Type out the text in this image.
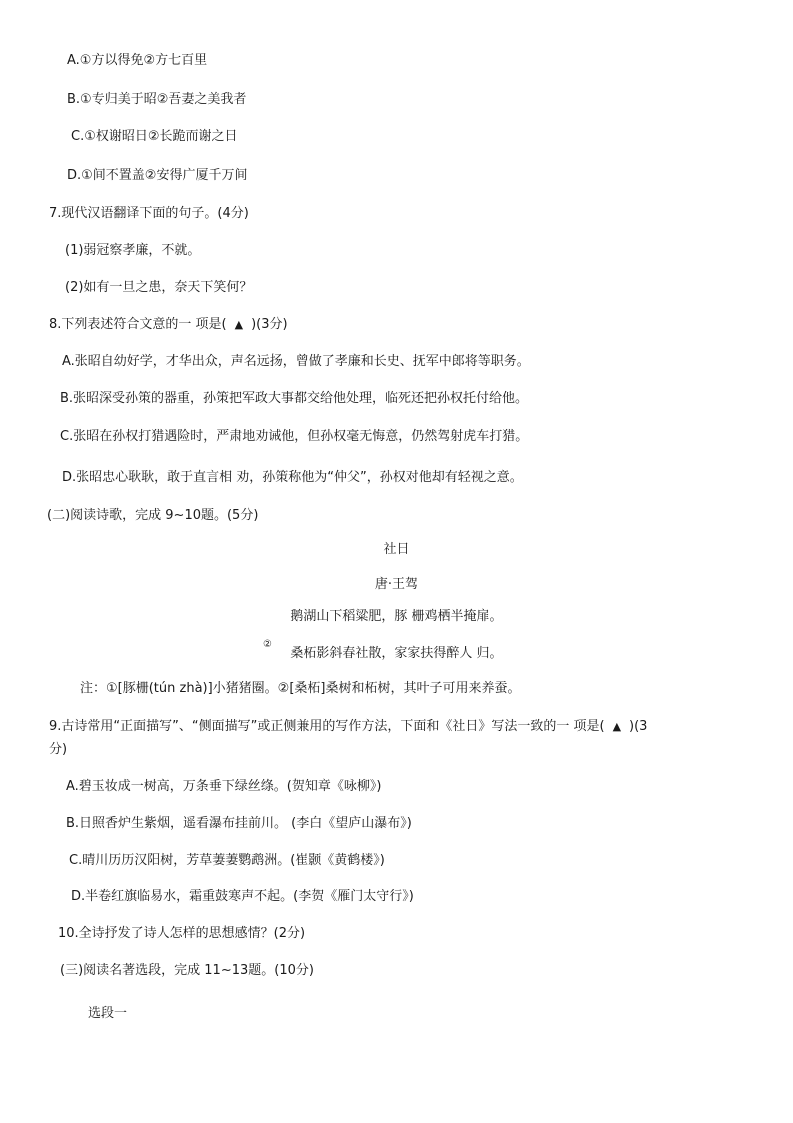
A.①方以得免②方七百里
B.①专归美于昭②吾妻之美我者
C.①权谢昭日②长跪而谢之日
D.①间不置盖②安得广厦千万间
7.现代汉语翻译下面的句子。(4分)
(1)弱冠察孝廉，不就。
(2)如有一旦之患，奈天下笑何？
8.下列表述符合文意的一 项是( ▲ )(3分)
A.张昭自幼好学，才华出众，声名远扬，曾做了孝廉和长史、抚军中郎将等职务。
B.张昭深受孙策的器重，孙策把军政大事都交给他处理，临死还把孙权托付给他。
C.张昭在孙权打猎遇险时，严肃地劝诫他，但孙权毫无悔意，仍然驾射虎车打猎。
D.张昭忠心耿耿，敢于直言相 劝，孙策称他为“仲父”，孙权对他却有轻视之意。
(二)阅读诗歌，完成 9~10题。(5分)
社日
唐·王驾
鹅湖山下稻粱肥，豚 栅鸡栖半掩扉。
②
桑柘影斜春社散，家家扶得醉人 归。
注：①[豚栅(tún zhà)]小猪猪圈。②[桑柘]桑树和柘树，其叶子可用来养蚕。
9.古诗常用“正面描写”、“侧面描写”或正侧兼用的写作方法，下面和《社日》写法一致的一 项是( ▲ )(3
分)
A.碧玉妆成一树高，万条垂下绿丝绦。(贺知章《咏柳》)
B.日照香炉生紫烟，遥看瀑布挂前川。 (李白《望庐山瀑布》)
C.晴川历历汉阳树，芳草萋萋鹦鹉洲。(崔颢《黄鹤楼》)
D.半卷红旗临易水，霜重鼓寒声不起。(李贺《雁门太守行》)
10.全诗抒发了诗人怎样的思想感情？(2分)
(三)阅读名著选段，完成 11~13题。(10分)
选段一
